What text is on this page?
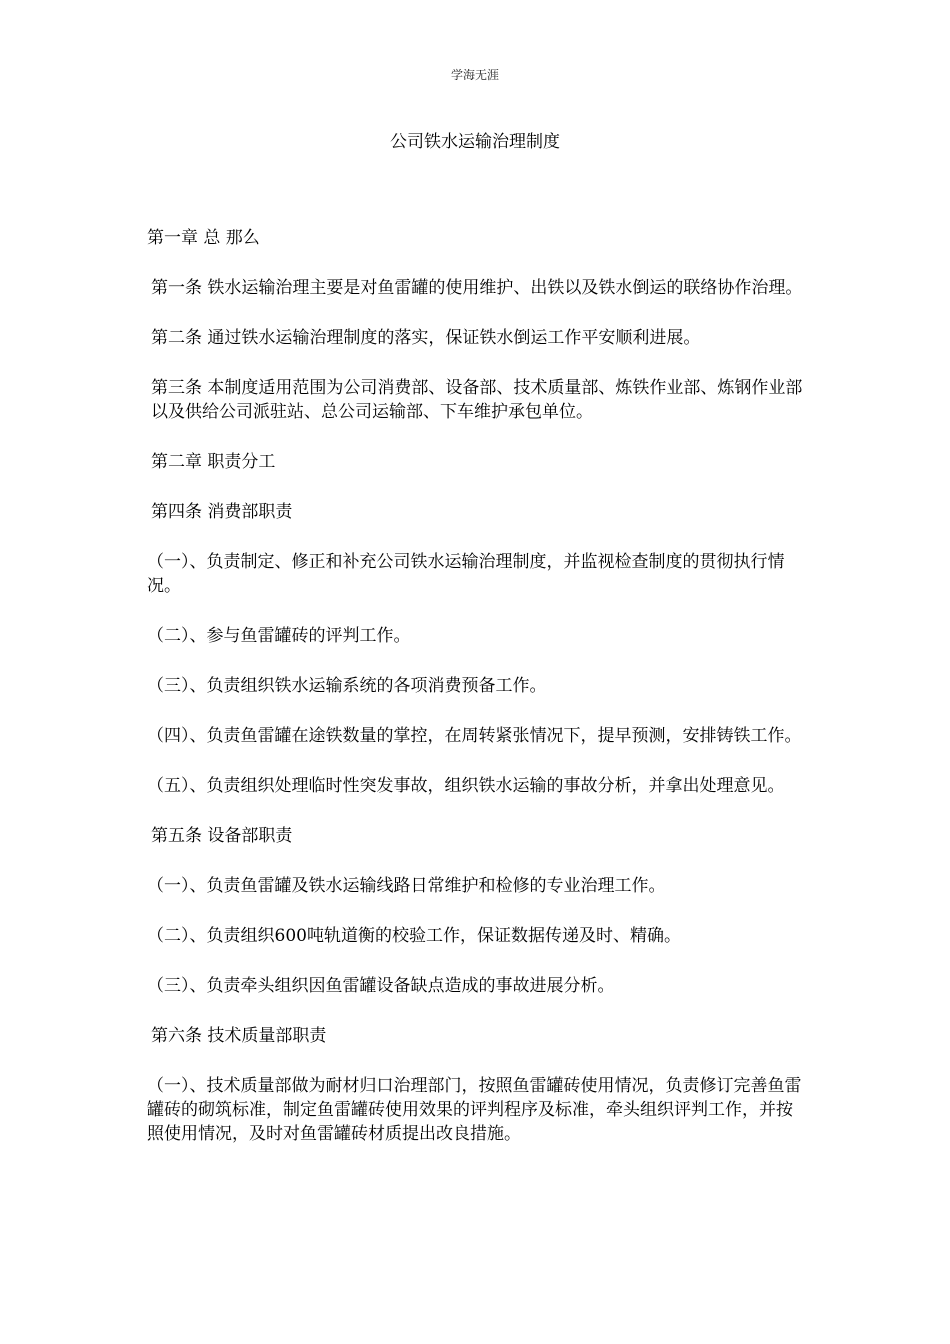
学海无涯
公司铁水运输治理制度

第一章 总 那么

第一条 铁水运输治理主要是对鱼雷罐的使用维护、出铁以及铁水倒运的联络协作治理。

第二条 通过铁水运输治理制度的落实，保证铁水倒运工作平安顺利进展。

第三条 本制度适用范围为公司消费部、设备部、技术质量部、炼铁作业部、炼钢作业部以及供给公司派驻站、总公司运输部、下车维护承包单位。

第二章 职责分工

第四条 消费部职责

（一）、负责制定、修正和补充公司铁水运输治理制度，并监视检查制度的贯彻执行情况。

（二）、参与鱼雷罐砖的评判工作。

（三）、负责组织铁水运输系统的各项消费预备工作。

（四）、负责鱼雷罐在途铁数量的掌控，在周转紧张情况下，提早预测，安排铸铁工作。

（五）、负责组织处理临时性突发事故，组织铁水运输的事故分析，并拿出处理意见。

第五条 设备部职责

（一）、负责鱼雷罐及铁水运输线路日常维护和检修的专业治理工作。

（二）、负责组织600吨轨道衡的校验工作，保证数据传递及时、精确。

（三）、负责牵头组织因鱼雷罐设备缺点造成的事故进展分析。

第六条 技术质量部职责

（一）、技术质量部做为耐材归口治理部门，按照鱼雷罐砖使用情况，负责修订完善鱼雷罐砖的砌筑标准，制定鱼雷罐砖使用效果的评判程序及标准，牵头组织评判工作，并按照使用情况，及时对鱼雷罐砖材质提出改良措施。
